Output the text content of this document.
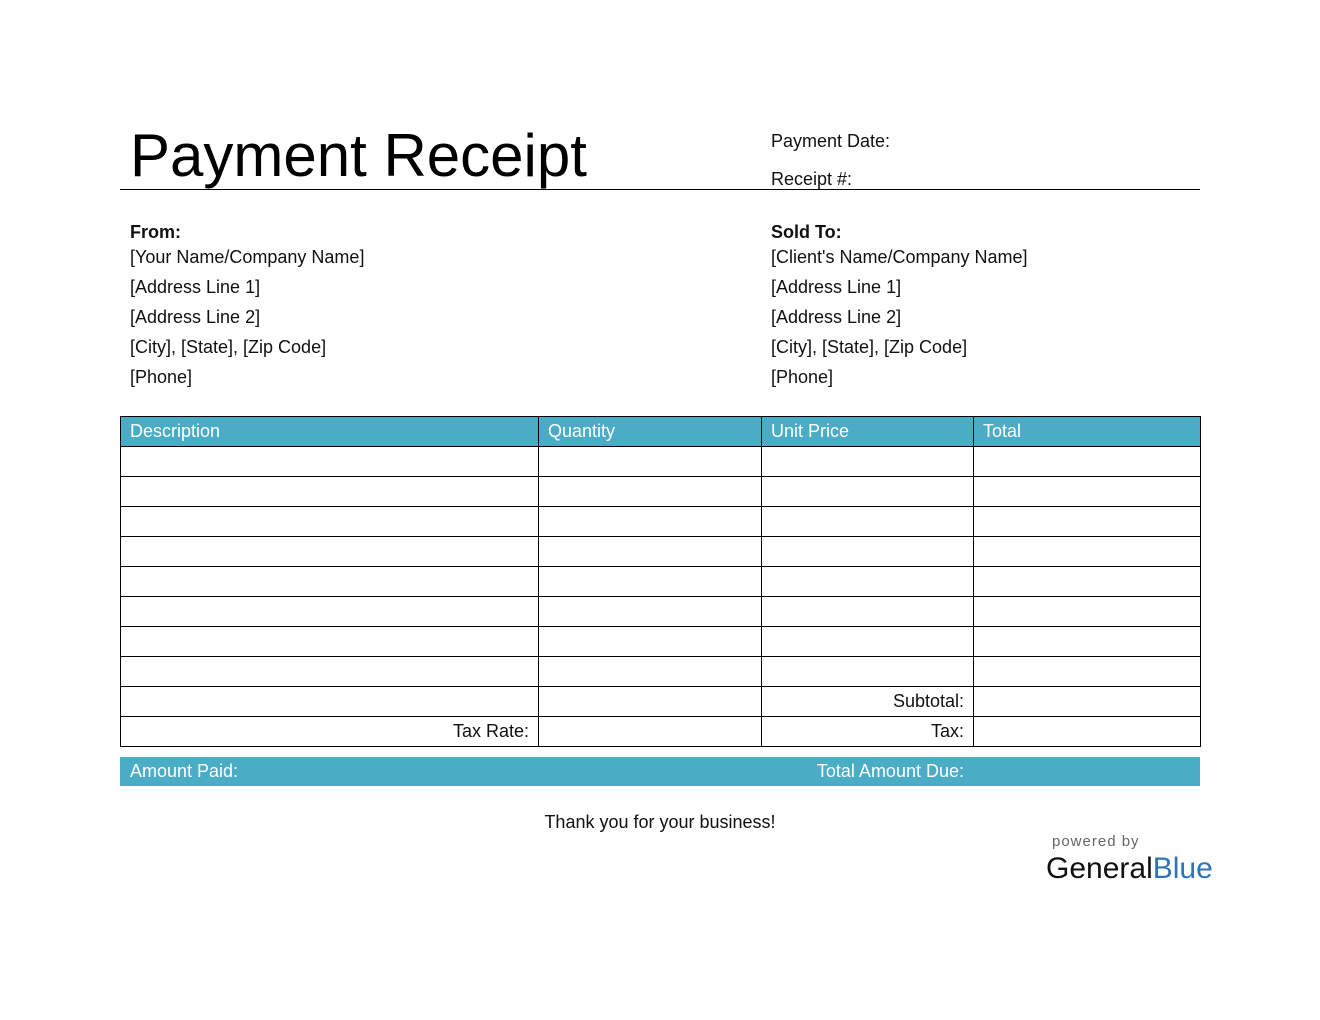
Payment Receipt	Payment Date:
Receipt #:
From:
[Your Name/Company Name]
[Address Line 1]
[Address Line 2]
[City], [State], [Zip Code]
[Phone]
Sold To:
[Client's Name/Company Name]
[Address Line 1]
[Address Line 2]
[City], [State], [Zip Code]
[Phone]
Description	Quantity	Unit Price	Total

		Subtotal:	
Tax Rate:		Tax:	
Amount Paid:	Total Amount Due:
Thank you for your business!
powered by
GeneralBlue
